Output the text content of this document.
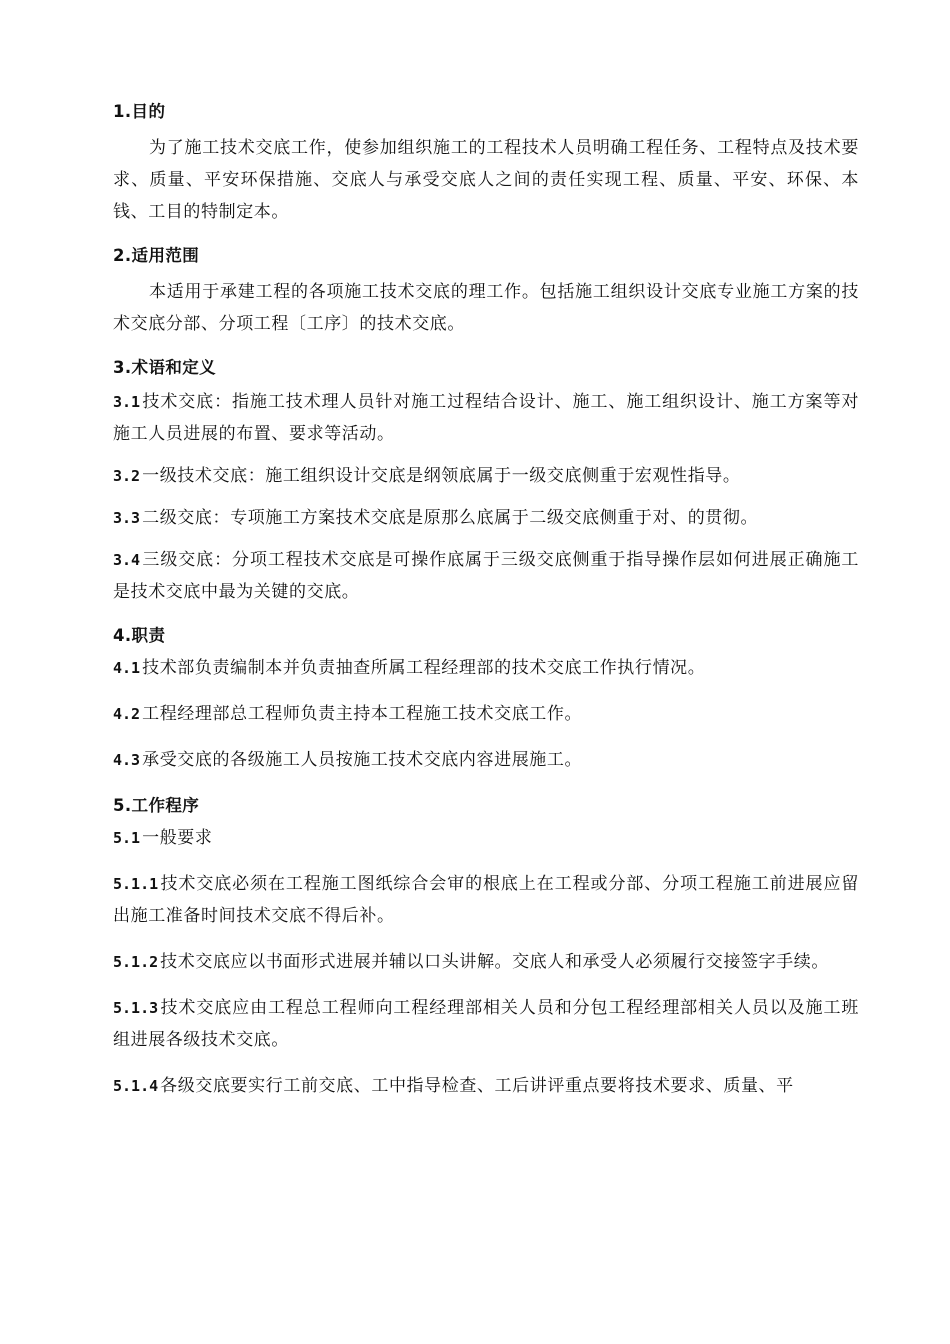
1.目的

为了施工技术交底工作，使参加组织施工的工程技术人员明确工程任务、工程特点及技术要求、质量、平安环保措施、交底人与承受交底人之间的责任实现工程、质量、平安、环保、本钱、工目的特制定本。

2.适用范围

本适用于承建工程的各项施工技术交底的理工作。包括施工组织设计交底专业施工方案的技术交底分部、分项工程〔工序〕的技术交底。

3.术语和定义

3.1 技术交底：指施工技术理人员针对施工过程结合设计、施工、施工组织设计、施工方案等对施工人员进展的布置、要求等活动。

3.2 一级技术交底：施工组织设计交底是纲领底属于一级交底侧重于宏观性指导。

3.3 二级交底：专项施工方案技术交底是原那么底属于二级交底侧重于对、的贯彻。

3.4 三级交底：分项工程技术交底是可操作底属于三级交底侧重于指导操作层如何进展正确施工是技术交底中最为关键的交底。

4.职责

4.1 技术部负责编制本并负责抽查所属工程经理部的技术交底工作执行情况。

4.2 工程经理部总工程师负责主持本工程施工技术交底工作。

4.3 承受交底的各级施工人员按施工技术交底内容进展施工。

5.工作程序

5.1 一般要求

5.1.1 技术交底必须在工程施工图纸综合会审的根底上在工程或分部、分项工程施工前进展应留出施工准备时间技术交底不得后补。

5.1.2 技术交底应以书面形式进展并辅以口头讲解。交底人和承受人必须履行交接签字手续。

5.1.3 技术交底应由工程总工程师向工程经理部相关人员和分包工程经理部相关人员以及施工班组进展各级技术交底。

5.1.4 各级交底要实行工前交底、工中指导检查、工后讲评重点要将技术要求、质量、平
